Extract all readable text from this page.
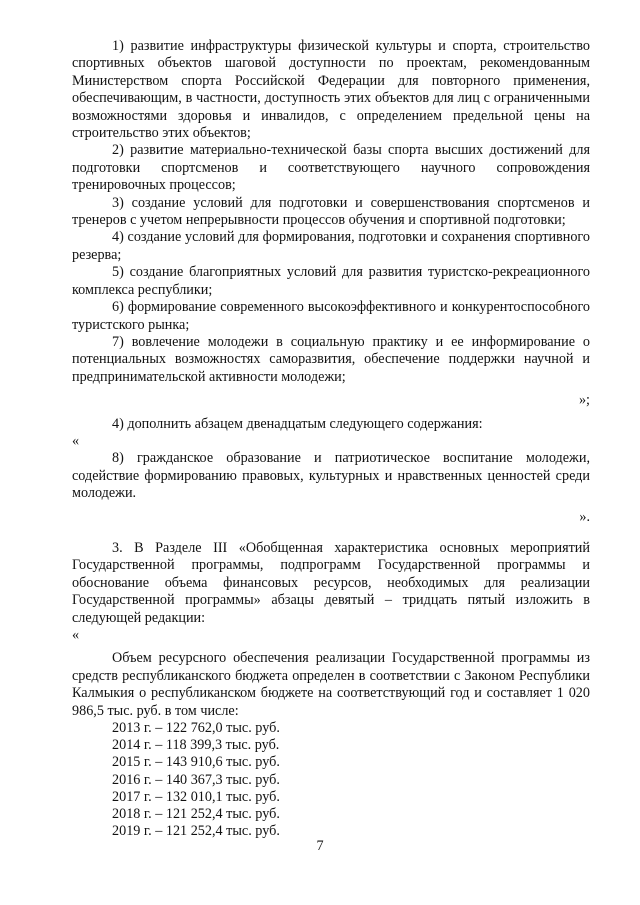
1) развитие инфраструктуры физической культуры и спорта, строительство спортивных объектов шаговой доступности по проектам, рекомендованным Министерством спорта Российской Федерации для повторного применения, обеспечивающим, в частности, доступность этих объектов для лиц с ограниченными возможностями здоровья и инвалидов, с определением предельной цены на строительство этих объектов;

2) развитие материально-технической базы спорта высших достижений для подготовки спортсменов и соответствующего научного сопровождения тренировочных процессов;

3) создание условий для подготовки и совершенствования спортсменов и тренеров с учетом непрерывности процессов обучения и спортивной подготовки;

4) создание условий для формирования, подготовки и сохранения спортивного резерва;

5) создание благоприятных условий для развития туристско-рекреационного комплекса республики;

6) формирование современного высокоэффективного и конкурентоспособного туристского рынка;

7) вовлечение молодежи в социальную практику и ее информирование о потенциальных возможностях саморазвития, обеспечение поддержки научной и предпринимательской активности молодежи;

»;

4) дополнить абзацем двенадцатым следующего содержания:

«

8) гражданское образование и патриотическое воспитание молодежи, содействие формированию правовых, культурных и нравственных ценностей среди молодежи.

».

3. В Разделе III «Обобщенная характеристика основных мероприятий Государственной программы, подпрограмм Государственной программы и обоснование объема финансовых ресурсов, необходимых для реализации Государственной программы» абзацы девятый – тридцать пятый изложить в следующей редакции:

«

Объем ресурсного обеспечения реализации Государственной программы из средств республиканского бюджета определен в соответствии с Законом Республики Калмыкия о республиканском бюджете на соответствующий год и составляет 1 020 986,5 тыс. руб. в том числе:

2013 г. – 122 762,0 тыс. руб.
2014 г. – 118 399,3 тыс. руб.
2015 г. – 143 910,6 тыс. руб.
2016 г. – 140 367,3 тыс. руб.
2017 г. – 132 010,1 тыс. руб.
2018 г. – 121 252,4 тыс. руб.
2019 г. – 121 252,4 тыс. руб.
7
